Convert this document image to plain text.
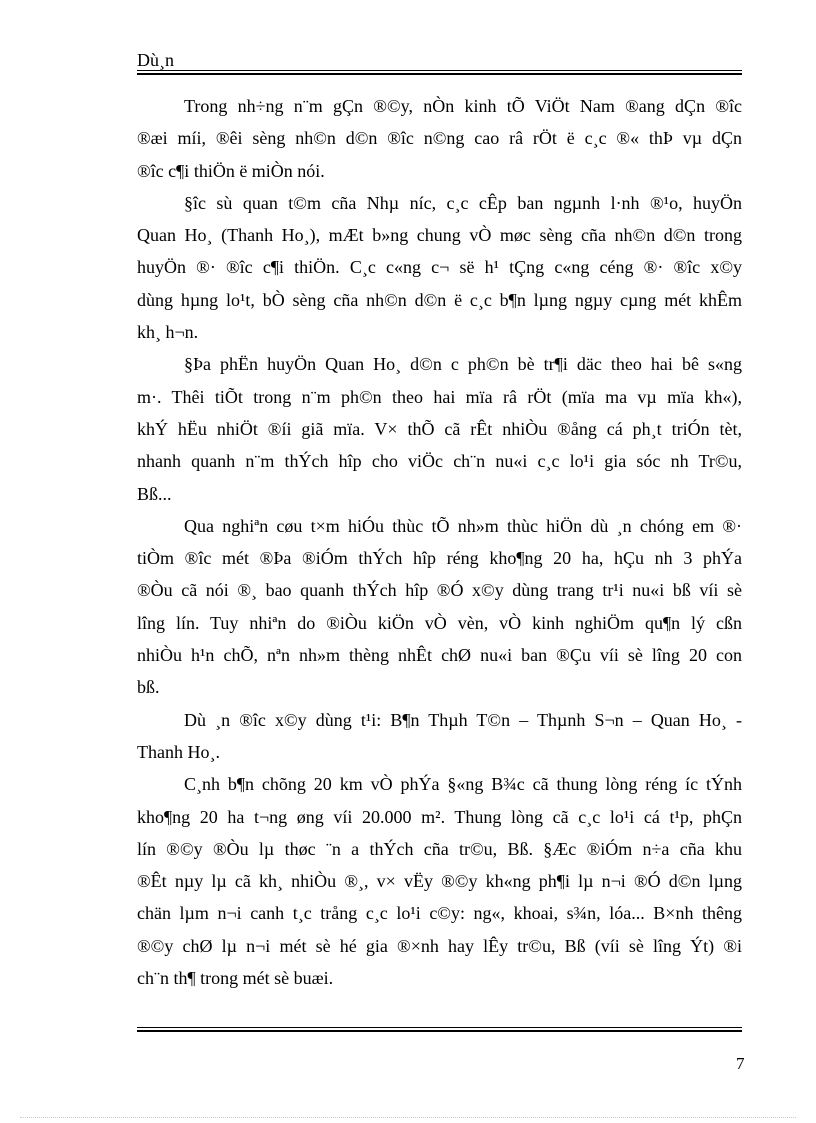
Dù¸n
Trong nh÷ng n¨m gÇn ®©y, nÒn kinh tÕ ViÖt Nam ®ang dÇn ®îc
®æi míi, ®êi sèng nh©n d©n ®îc n©ng cao râ rÖt ë c¸c ®« thÞ vµ dÇn
®îc c¶i thiÖn ë miÒn nói.
§îc sù quan t©m cña Nhµ níc, c¸c cÊp ban ngµnh l·nh ®¹o, huyÖn
Quan Ho¸ (Thanh Ho¸), mÆt b»ng chung vÒ møc sèng cña nh©n d©n trong
huyÖn ®· ®îc c¶i thiÖn. C¸c c«ng c¬ së h¹ tÇng c«ng céng ®· ®îc x©y
dùng hµng lo¹t, bÒ sèng cña nh©n d©n ë c¸c b¶n lµng ngµy cµng mét khÊm
kh¸ h¬n.
§Þa phËn huyÖn Quan Ho¸ d©n c ph©n bè tr¶i däc theo hai bê s«ng
m·. Thêi tiÕt trong n¨m ph©n theo hai mïa râ rÖt (mïa ma vµ mïa kh«),
khÝ hËu nhiÖt ®íi giã mïa. V× thÕ cã rÊt nhiÒu ®ång cá ph¸t triÓn tèt,
nhanh quanh n¨m thÝch hîp cho viÖc ch¨n nu«i c¸c lo¹i gia sóc nh Tr©u,
Bß...
Qua nghiªn cøu t×m hiÓu thùc tÕ nh»m thùc hiÖn dù ¸n chóng em ®·
tiÒm ®îc mét ®Þa ®iÓm thÝch hîp réng kho¶ng 20 ha, hÇu nh 3 phÝa
®Òu cã nói ®¸ bao quanh thÝch hîp ®Ó x©y dùng trang tr¹i nu«i bß víi sè
lîng lín. Tuy nhiªn do ®iÒu kiÖn vÒ vèn, vÒ kinh nghiÖm qu¶n lý cßn
nhiÒu h¹n chÕ, nªn nh»m thèng nhÊt chØ nu«i ban ®Çu víi sè lîng 20 con
bß.
Dù ¸n ®îc x©y dùng t¹i: B¶n Thµh T©n – Thµnh S¬n – Quan Ho¸ -
Thanh Ho¸.
C¸nh b¶n chõng 20 km vÒ phÝa §«ng B¾c cã thung lòng réng íc tÝnh
kho¶ng 20 ha t¬ng øng víi 20.000 m². Thung lòng cã c¸c lo¹i cá t¹p, phÇn
lín ®©y ®Òu lµ thøc ¨n a thÝch cña tr©u, Bß. §Æc ®iÓm n÷a cña khu
®Êt nµy lµ cã kh¸ nhiÒu ®¸, v× vËy ®©y kh«ng ph¶i lµ n¬i ®Ó d©n lµng
chän lµm n¬i canh t¸c trång c¸c lo¹i c©y: ng«, khoai, s¾n, lóa... B×nh thêng
®©y chØ lµ n¬i mét sè hé gia ®×nh hay lÊy tr©u, Bß (víi sè lîng Ýt) ®i
ch¨n th¶ trong mét sè buæi.
7
